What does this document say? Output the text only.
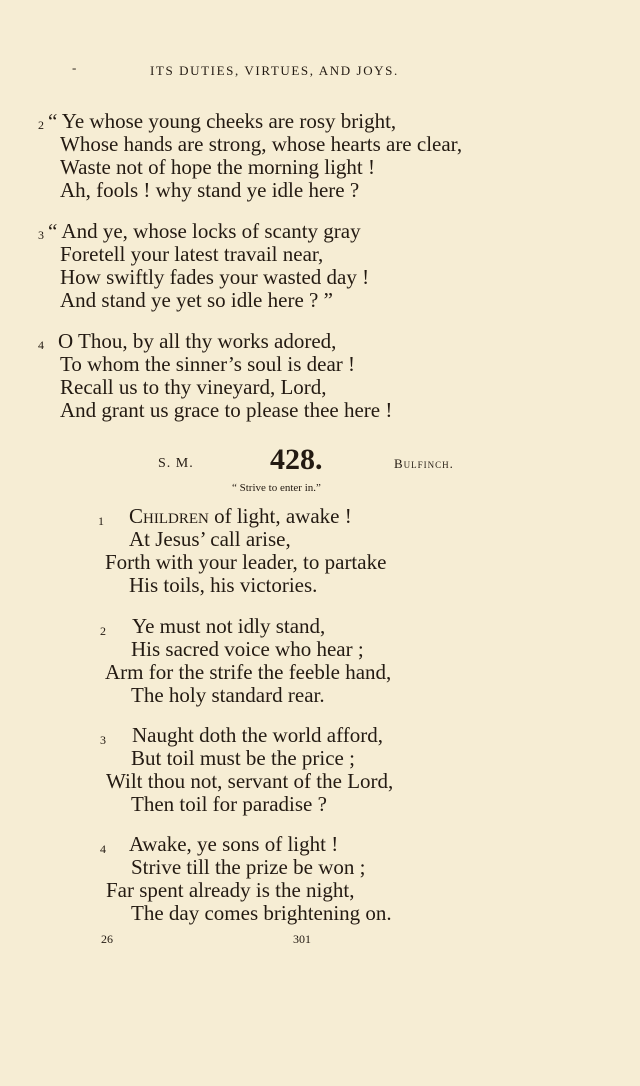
-	ITS DUTIES, VIRTUES, AND JOYS.
2 “ Ye whose young cheeks are rosy bright,
Whose hands are strong, whose hearts are clear,
Waste not of hope the morning light !
Ah, fools ! why stand ye idle here ?
3 “ And ye, whose locks of scanty gray
Foretell your latest travail near,
How swiftly fades your wasted day !
And stand ye yet so idle here ? ”
4 O Thou, by all thy works adored,
To whom the sinner’s soul is dear !
Recall us to thy vineyard, Lord,
And grant us grace to please thee here !
S. M.	428.	Bulfinch.
“ Strive to enter in.”
1 Children of light, awake !
At Jesus’ call arise,
Forth with your leader, to partake
His toils, his victories.
2 Ye must not idly stand,
His sacred voice who hear ;
Arm for the strife the feeble hand,
The holy standard rear.
3 Naught doth the world afford,
But toil must be the price ;
Wilt thou not, servant of the Lord,
Then toil for paradise ?
4 Awake, ye sons of light !
Strive till the prize be won ;
Far spent already is the night,
The day comes brightening on.
26	301
